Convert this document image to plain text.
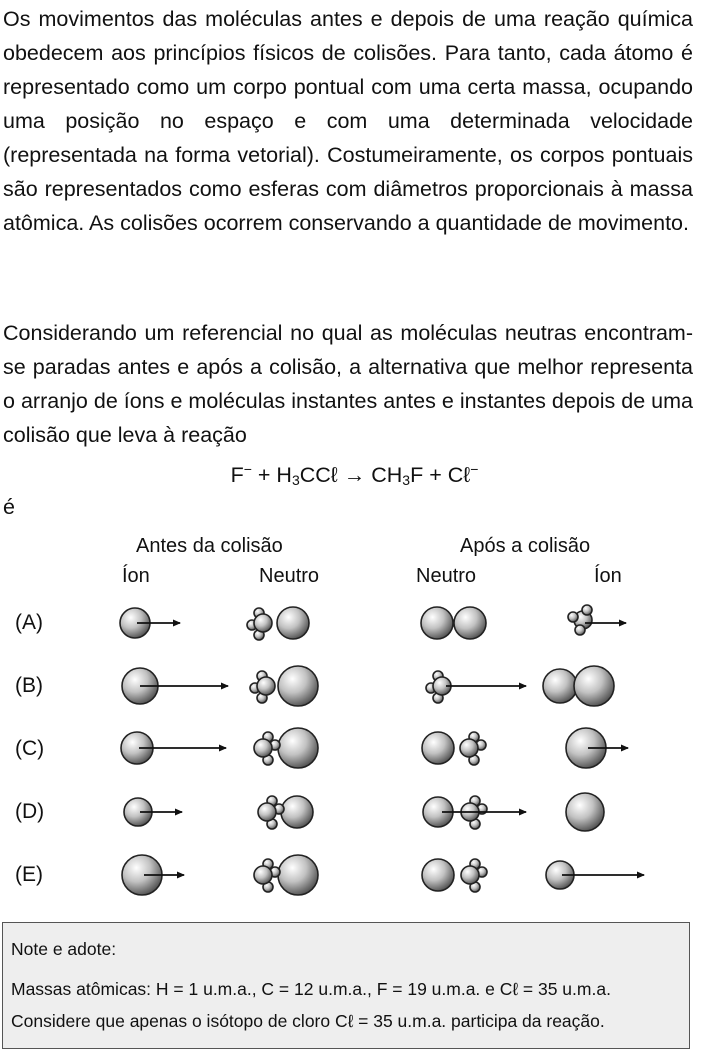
Os movimentos das moléculas antes e depois de uma reação química obedecem aos princípios físicos de colisões. Para tanto, cada átomo é representado como um corpo pontual com uma certa massa, ocupando uma posição no espaço e com uma determinada velocidade (representada na forma vetorial). Costumeiramente, os corpos pontuais são representados como esferas com diâmetros proporcionais à massa atômica. As colisões ocorrem conservando a quantidade de movimento.

Considerando um referencial no qual as moléculas neutras encontram-se paradas antes e após a colisão, a alternativa que melhor representa o arranjo de íons e moléculas instantes antes e instantes depois de uma colisão que leva à reação

$F^- + H_3CC\ell \to CH_3F$ + Cℓ−
é
Antes da colisão	Após a colisão
Íon	Neutro	Neutro	Íon
(A)
(B)
(C)
(D)
(E)
Note e adote:
Massas atômicas: H = 1 u.m.a., C = 12 u.m.a., F = 19 u.m.a. e Cℓ = 35 u.m.a.
Considere que apenas o isótopo de cloro Cℓ = 35 u.m.a. participa da reação.
